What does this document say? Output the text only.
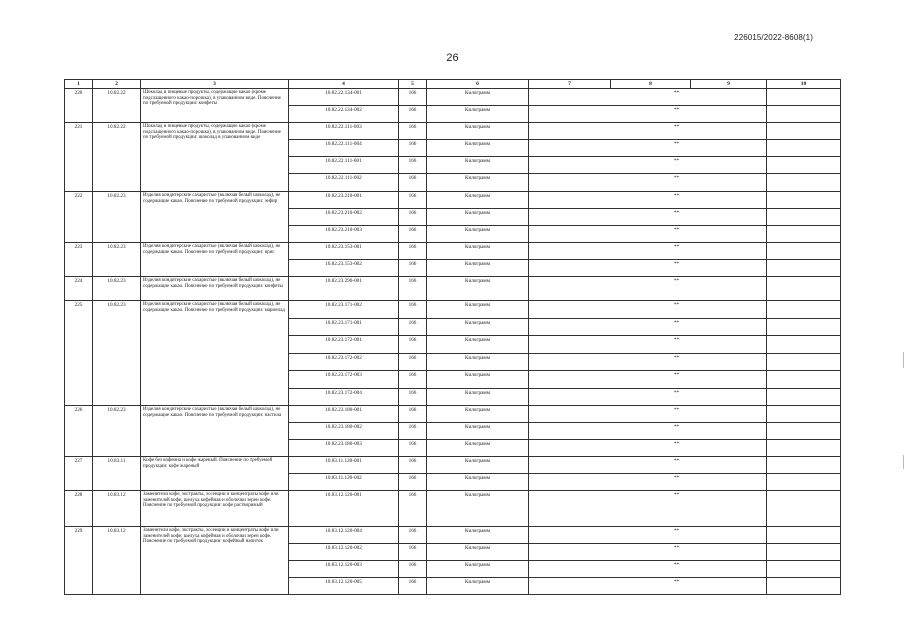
226015/2022-8608(1)
26
1	2	3	4	5	6	7	8	9	10
220	10.82.22	Шоколад и пищевые продукты, содержащие какао (кроме подслащенного какао-порошка), в упакованном виде. Пояснение по требуемой продукции: конфеты	10.82.22.134-001	166	Килограмм	**			
			10.82.22.134-002	166	Килограмм	**			
221	10.82.22	Шоколад и пищевые продукты, содержащие какао (кроме подслащенного какао-порошка), в упакованном виде. Пояснение по требуемой продукции: шоколад в упакованном виде	10.82.22.111-003	166	Килограмм	**			
			10.82.22.111-004	166	Килограмм	**			
			10.82.22.111-001	166	Килограмм	**			
			10.82.22.111-002	166	Килограмм	**			
222	10.82.23	Изделия кондитерские сахаристые (включая белый шоколад), не содержащие какао. Пояснение по требуемой продукции: зефир	10.82.23.210-001	166	Килограмм	**			
			10.82.23.210-002	166	Килограмм	**			
			10.82.23.210-003	166	Килограмм	**			
223	10.82.23	Изделия кондитерские сахаристые (включая белый шоколад), не содержащие какао. Пояснение по требуемой продукции: ирис	10.82.23.153-001	166	Килограмм	**			
			10.82.23.153-002	166	Килограмм	**			
224	10.82.23	Изделия кондитерские сахаристые (включая белый шоколад), не содержащие какао. Пояснение по требуемой продукции: конфеты	10.82.23.290-001	166	Килограмм	**			
225	10.82.23	Изделия кондитерские сахаристые (включая белый шоколад), не содержащие какао. Пояснение по требуемой продукции: мармелад	10.82.23.171-002	166	Килограмм	**			
			10.82.23.171-001	166	Килограмм	**			
			10.82.23.172-001	166	Килограмм	**			
			10.82.23.172-002	166	Килограмм	**			
			10.82.23.172-003	166	Килограмм	**			
			10.82.23.172-004	166	Килограмм	**			
226	10.82.23	Изделия кондитерские сахаристые (включая белый шоколад), не содержащие какао. Пояснение по требуемой продукции: пастила	10.82.23.180-001	166	Килограмм	**			
			10.82.23.180-002	166	Килограмм	**			
			10.82.23.180-003	166	Килограмм	**			
227	10.83.11	Кофе без кофеина и кофе жареный. Пояснение по требуемой продукции: кофе жареный	10.83.11.120-001	166	Килограмм	**			
			10.83.11.120-002	166	Килограмм	**			
228	10.83.12	Заменители кофе, экстракты, эссенции и концентраты кофе или заменителей кофе; шелуха кофейная и оболочки зерен кофе. Пояснение по требуемой продукции: кофе растворимый	10.83.12.120-001	166	Килограмм	**			
229	10.83.12	Заменители кофе, экстракты, эссенции и концентраты кофе или заменителей кофе; шелуха кофейная и оболочки зерен кофе. Пояснение по требуемой продукции: кофейный напиток	10.83.12.120-004	166	Килограмм	**			
			10.83.12.120-002	166	Килограмм	**			
			10.83.12.120-003	166	Килограмм	**			
			10.83.12.120-005	166	Килограмм	**			
